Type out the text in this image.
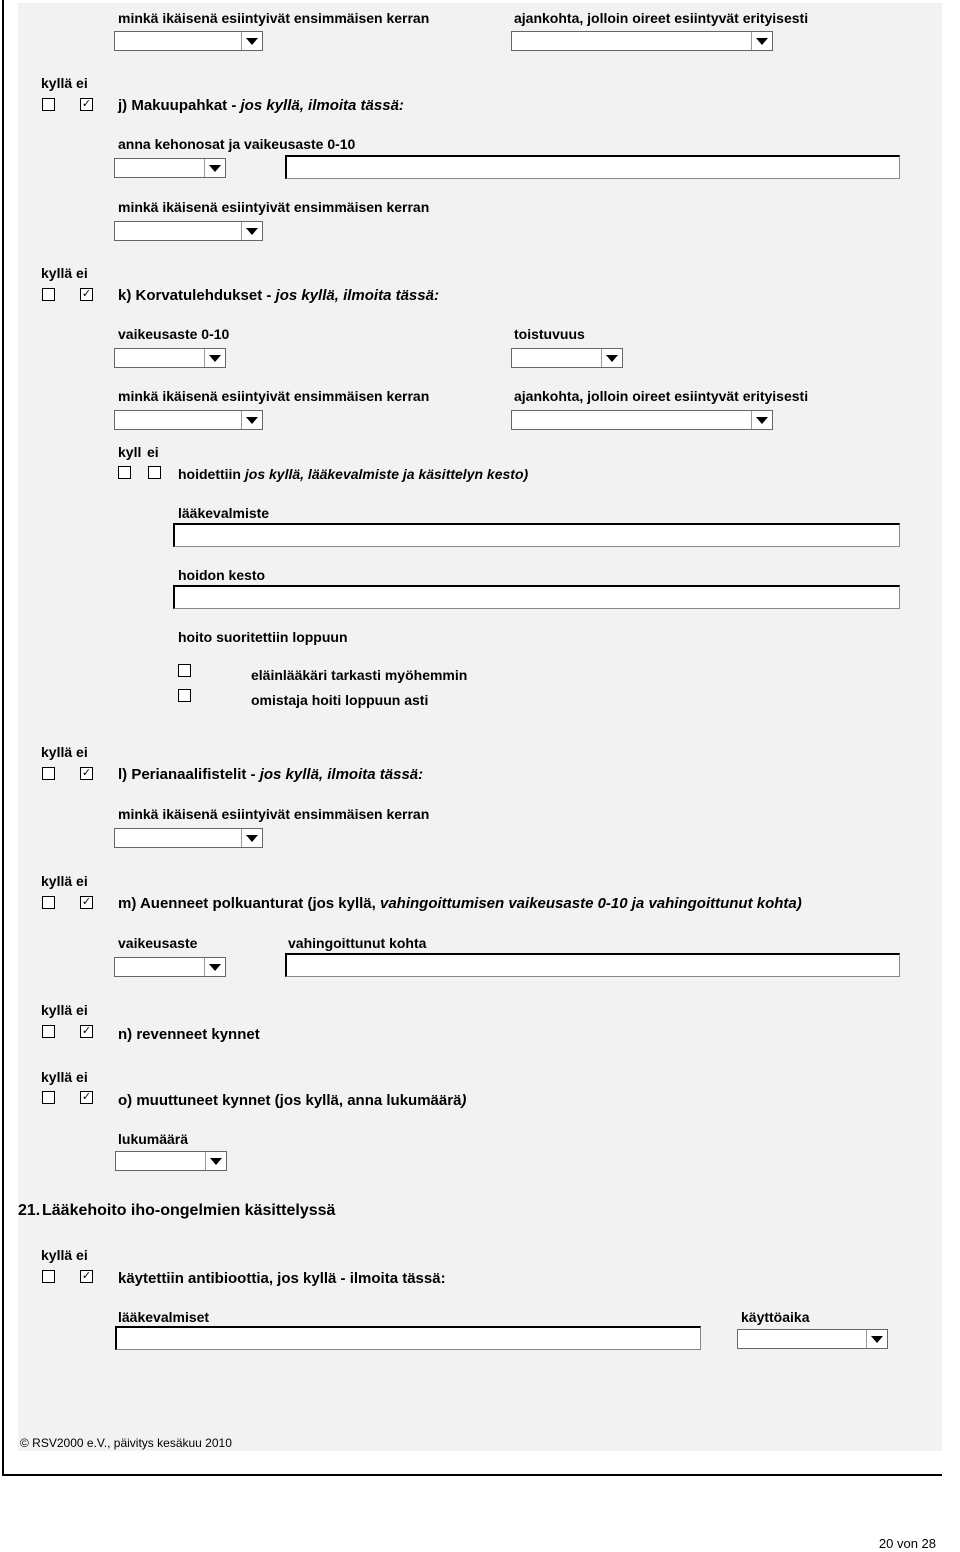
minkä ikäisenä esiintyivät ensimmäisen kerran	ajankohta, jolloin oireet esiintyvät erityisesti
kyllä ei
✓
j) Makuupahkat - jos kyllä, ilmoita tässä:
anna kehonosat ja vaikeusaste 0-10
minkä ikäisenä esiintyivät ensimmäisen kerran
kyllä ei
✓
k) Korvatulehdukset - jos kyllä, ilmoita tässä:
vaikeusaste 0-10	toistuvuus
minkä ikäisenä esiintyivät ensimmäisen kerran	ajankohta, jolloin oireet esiintyvät erityisesti
kyll ei
hoidettiin jos kyllä, lääkevalmiste ja käsittelyn kesto)
lääkevalmiste
hoidon kesto
hoito suoritettiin loppuun
eläinlääkäri tarkasti myöhemmin
omistaja hoiti loppuun asti
kyllä ei
✓
l) Perianaalifistelit - jos kyllä, ilmoita tässä:
minkä ikäisenä esiintyivät ensimmäisen kerran
kyllä ei
✓
m) Auenneet polkuanturat (jos kyllä, vahingoittumisen vaikeusaste 0-10 ja vahingoittunut kohta)
vaikeusaste	vahingoittunut kohta
kyllä ei
✓
n) revenneet kynnet
kyllä ei
✓
o) muuttuneet kynnet (jos kyllä, anna lukumäärä)
lukumäärä
21. Lääkehoito iho-ongelmien käsittelyssä
kyllä ei
✓
käytettiin antibioottia, jos kyllä - ilmoita tässä:
lääkevalmiset	käyttöaika
© RSV2000 e.V., päivitys kesäkuu 2010
20 von 28
